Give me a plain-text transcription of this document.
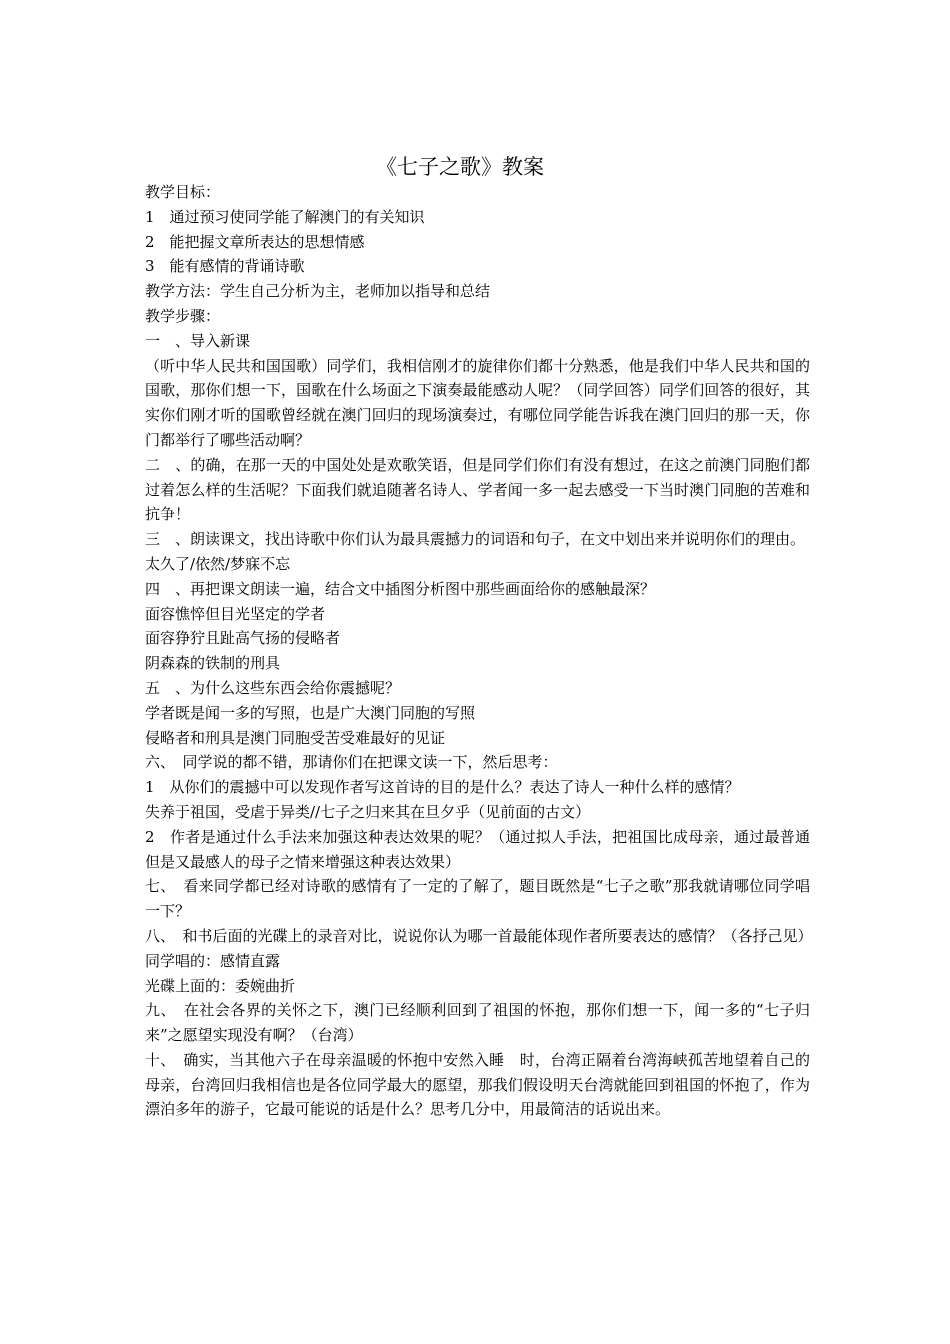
《七子之歌》教案

教学目标：

1　通过预习使同学能了解澳门的有关知识

2　能把握文章所表达的思想情感

3　能有感情的背诵诗歌

教学方法：学生自己分析为主，老师加以指导和总结

教学步骤：

一　、导入新课

（听中华人民共和国国歌）同学们，我相信刚才的旋律你们都十分熟悉，他是我们中华人民共和国的国歌，那你们想一下，国歌在什么场面之下演奏最能感动人呢？（同学回答）同学们回答的很好，其实你们刚才听的国歌曾经就在澳门回归的现场演奏过，有哪位同学能告诉我在澳门回归的那一天，你门都举行了哪些活动啊？

二　、的确，在那一天的中国处处是欢歌笑语，但是同学们你们有没有想过，在这之前澳门同胞们都过着怎么样的生活呢？下面我们就追随著名诗人、学者闻一多一起去感受一下当时澳门同胞的苦难和抗争！

三　、朗读课文，找出诗歌中你们认为最具震撼力的词语和句子，在文中划出来并说明你们的理由。

太久了/依然/梦寐不忘

四　、再把课文朗读一遍，结合文中插图分析图中那些画面给你的感触最深？

面容憔悴但目光坚定的学者

面容狰狞且趾高气扬的侵略者

阴森森的铁制的刑具

五　、为什么这些东西会给你震撼呢？

学者既是闻一多的写照，也是广大澳门同胞的写照

侵略者和刑具是澳门同胞受苦受难最好的见证

六、　同学说的都不错，那请你们在把课文读一下，然后思考：

1　从你们的震撼中可以发现作者写这首诗的目的是什么？表达了诗人一种什么样的感情？

失养于祖国，受虐于异类//七子之归来其在旦夕乎（见前面的古文）

2　作者是通过什么手法来加强这种表达效果的呢？（通过拟人手法，把祖国比成母亲，通过最普通但是又最感人的母子之情来增强这种表达效果）

七、　看来同学都已经对诗歌的感情有了一定的了解了，题目既然是“七子之歌”那我就请哪位同学唱一下？

八、　和书后面的光碟上的录音对比，说说你认为哪一首最能体现作者所要表达的感情？（各抒己见）

同学唱的：感情直露

光碟上面的：委婉曲折

九、　在社会各界的关怀之下，澳门已经顺利回到了祖国的怀抱，那你们想一下，闻一多的“七子归来”之愿望实现没有啊？（台湾）

十、　确实，当其他六子在母亲温暖的怀抱中安然入睡　时，台湾正隔着台湾海峡孤苦地望着自己的母亲，台湾回归我相信也是各位同学最大的愿望，那我们假设明天台湾就能回到祖国的怀抱了，作为漂泊多年的游子，它最可能说的话是什么？思考几分中，用最简洁的话说出来。
